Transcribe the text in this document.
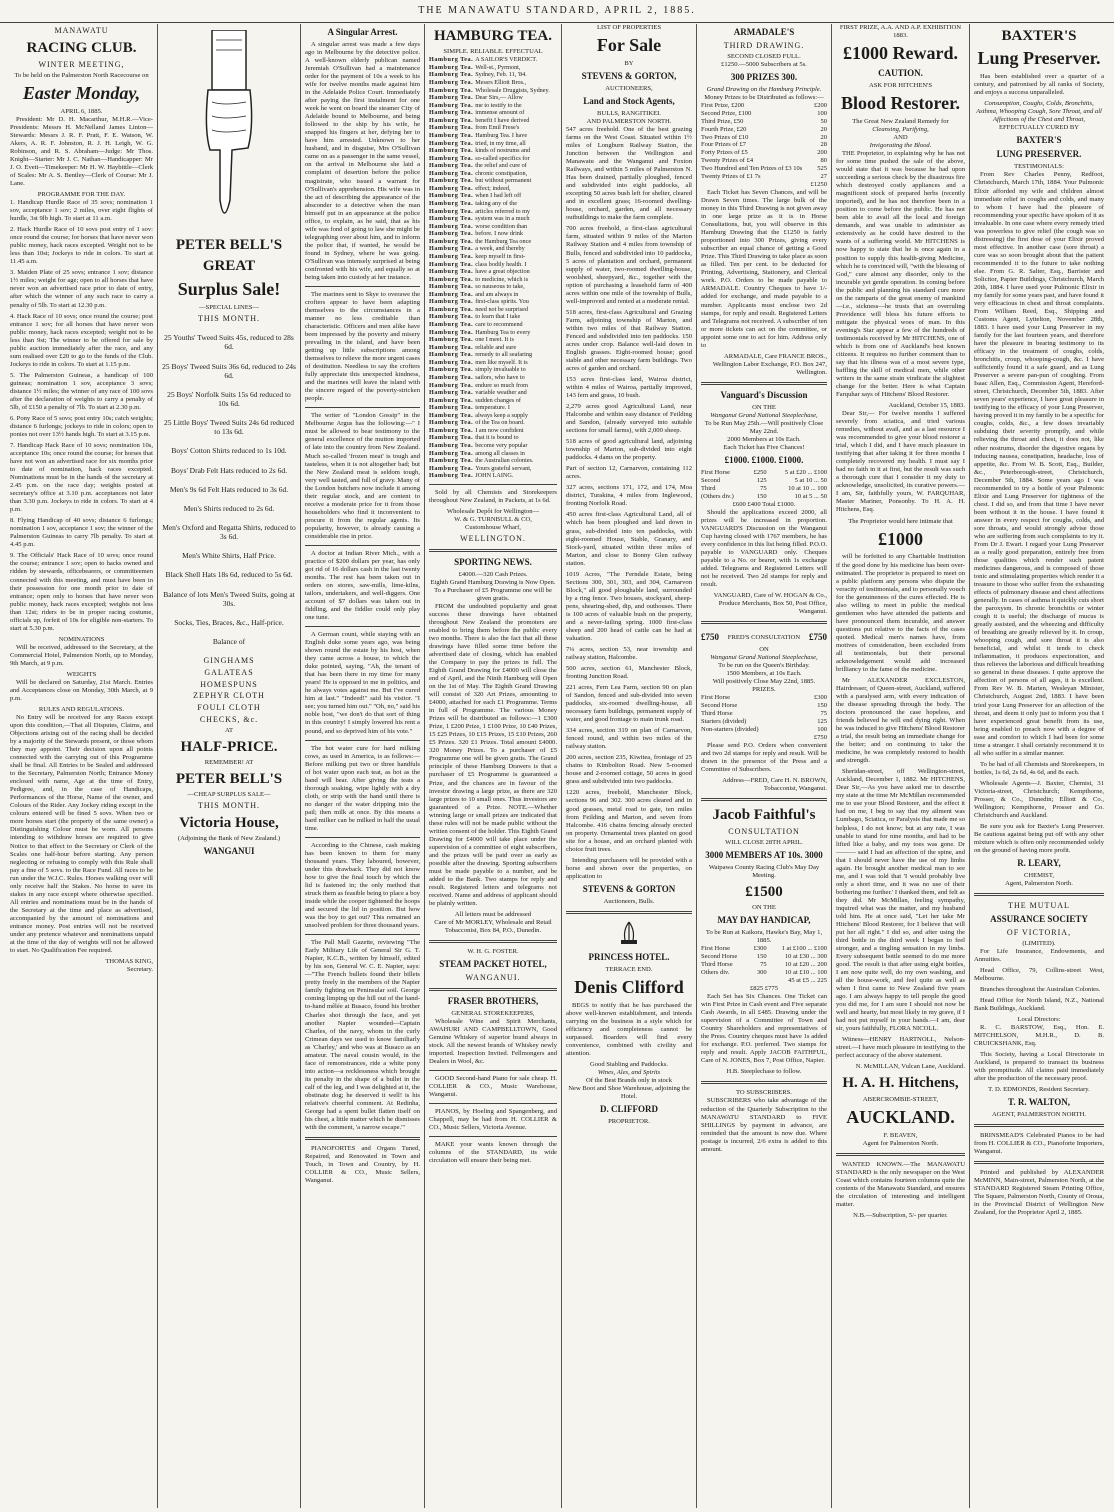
THE MANAWATU STANDARD, APRIL 2, 1885.
MANAWATU
RACING CLUB.
WINTER MEETING,
To be held on the Palmerston North Racecourse on
Easter Monday,
APRIL 6, 1885.

President: Mr D. H. Macarthur, M.H.R.—Vice-Presidents: Messrs H. McNelland James Linton—Stewards: Messrs J. R. F. Pratt, F. E. Watson, W. Akers, A. R. F. Johnston, R. J. H. Leigh, W. G. Robinson, and R. S. Abraham—Judge: Mr Thos. Knight—Starter: Mr J. C. Nathan—Handicapper: Mr J. O. Evett—Timekeeper: Mr H. W. Haybittle—Clerk of Scales: Mr A. S. Bentley—Clerk of Course: Mr J. Lane.

PROGRAMME FOR THE DAY.

1. Handicap Hurdle Race of 35 sovs; nomination 1 sov, acceptance 1 sov; 2 miles, over eight flights of hurdle, 3st 9lb high. To start at 11 a.m.

2. Hack Hurdle Race of 10 sovs post entry of 1 sov: once round the course; for horses that have never won public money, hack races excepted. Weight not to be less than 10st; Jockeys to ride in colors. To start at 11.45 a.m.

3. Maiden Plate of 25 sovs; entrance 1 sov; distance 1½ miles; weight for age; open to all horses that have never won an advertised race prior to date of entry, after which the winner of any such race to carry a penalty of 5lb. To start at 12.30 p.m.

4. Hack Race of 10 sovs; once round the course; post entrance 1 sov; for all horses that have never won public money, hack races excepted; weight not to be less than 9st; The winner to be offered for sale by public auction immediately after the race, and any sum realised over £20 to go to the funds of the Club. Jockeys to ride in colors. To start at 1.15 p.m.

5. The Palmerston Guineas, a handicap of 100 guineas; nomination 1 sov, acceptance 3 sovs; distance 1½ miles; the winner of any race of 100 sovs after the declaration of weights to carry a penalty of 5lb, of £150 a penalty of 7lb. To start at 2.30 p.m.

6. Pony Race of 5 sovs; post entry 10s; catch weights; distance 6 furlongs; jockeys to ride in colors; open to ponies not over 13½ hands high. To start at 3.15 p.m.

7. Handicap Hack Race of 10 sovs; nomination 10s, acceptance 10s; once round the course; for horses that have not won an advertised race for six months prior to date of nomination, hack races excepted. Nominations must be in the hands of the secretary at 2.45 p.m. on the race day; weights posted at secretary's office at 3.10 p.m. acceptances not later than 3.30 p.m. Jockeys to ride in colors. To start at 4 p.m.

8. Flying Handicap of 40 sovs; distance 6 furlongs; nomination 1 sov, acceptance 1 sov; the winner of the Palmerston Guineas to carry 7lb penalty. To start at 4.45 p.m.

9. The Officials' Hack Race of 10 sovs; once round the course; entrance 1 sov; open to hacks owned and ridden by stewards, officebearers, or committeemen connected with this meeting, and must have been in their possession for one month prior to date of entrance; open only to horses that have never won public money, hack races excepted; weights not less than 12st; riders to be in proper racing costume, officials up, forfeit of 10s for eligible non-starters. To start at 5.30 p.m.

NOMINATIONS

Will be received, addressed to the Secretary, at the Commercial Hotel, Palmerston North, up to Monday, 9th March, at 9 p.m.

WEIGHTS

Will be declared on Saturday, 21st March. Entries and Acceptances close on Monday, 30th March, at 9 p.m.

RULES AND REGULATIONS.

No Entry will be received for any Races except upon this condition,—That all Disputes, Claims, and Objections arising out of the racing shall be decided by a majority of the Stewards present, or those whom they may appoint. Their decision upon all points connected with the carrying out of this Programme shall be final. All Entries to be Sealed and addressed to the Secretary, Palmerston North; Entrance Money enclosed with name, Age at the time of Entry, Pedigree, and, in the case of Handicaps, Performances of the Horse, Name of the owner, and Colours of the Rider. Any Jockey riding except in the colours entered will be fined 5 sovs. When two or more horses start (the property of the same owner) a Distinguishing Colour must be worn. All persons intending to withdraw horses are required to give Notice to that effect to the Secretary or Clerk of the Scales one half-hour before starting. Any person neglecting or refusing to comply with this Rule shall pay a fine of 5 sovs. to the Race Fund. All races to be run under the W.J.C. Rules. Horses walking over will only receive half the Stakes. No horse to save its stakes in any race except where otherwise specified. All entries and nominations must be in the hands of the Secretary at the time and place as advertised, accompanied by the amount of nominations and entrance money. Post entries will not be received under any pretence whatever and nominations unpaid at the time of the day of weights will not be allowed to start. No Qualification Fee required.

THOMAS KING,
Secretary.
PETER BELL'S
GREAT
Surplus Sale!
—SPECIAL LINES—
THIS MONTH.
25 Youths' Tweed Suits 45s, reduced to 28s 6d.
25 Boys' Tweed Suits 36s 6d, reduced to 24s 6d.
25 Boys' Norfolk Suits 15s 6d reduced to 10s 6d.
25 Little Boys' Tweed Suits 24s 6d reduced to 13s 6d.
Boys' Cotton Shirts reduced to 1s 10d.
Boys' Drab Felt Hats reduced to 2s 6d.
Men's 9s 6d Felt Hats reduced to 3s 6d.
Men's Shirts reduced to 2s 6d.
Men's Oxford and Regatta Shirts, reduced to 3s 6d.
Men's White Shirts, Half Price.
Black Shell Hats 18s 6d, reduced to 5s 6d.
Balance of lots Men's Tweed Suits, going at 30s.
Socks, Ties, Braces, &c., Half-price.
Balance of
GINGHAMS
GALATEAS
HOMESPUNS
ZEPHYR CLOTH
FOULI CLOTH
CHECKS, &c.
AT
HALF-PRICE.
REMEMBER! AT
PETER BELL'S
—CHEAP SURPLUS SALE—
THIS MONTH.
Victoria House,
(Adjoining the Bank of New Zealand.)
WANGANUI
A Singular Arrest.

A singular arrest was made a few days ago in Melbourne by the detective police. A well-known elderly publican named Jeremiah O'Sullivan had a maintenance order for the payment of 10s a week to his wife for twelve months made against him in the Adelaide Police Court. Immediately after paying the first instalment for one week he went on board the steamer City of Adelaide bound to Melbourne, and being followed to the ship by his wife, he snapped his fingers at her, defying her to have him arrested. Unknown to her husband, and in disguise, Mrs O'Sullivan came on as a passenger in the same vessel, on the arrival in Melbourne she laid a complaint of desertion before the police magistrate, who issued a warrant for O'Sullivan's apprehension. His wife was in the act of describing the appearance of the absconder to a detective when the man himself put in an appearance at the police office, to explain, as he said, that as his wife was fond of going to law she might be telegraphing over about him, and to inform the police that, if wanted, he would be found in Sydney, where he was going. O'Sullivan was intensely surprised at being confronted with his wife, and equally so at being taken into custody at her instance.

The marines sent to Skye to overawe the crofters appear to have been adapting themselves to the circumstances in a manner no less creditable than characteristic. Officers and men alike have been impressed by the poverty and misery prevailing in the island, and have been getting up little subscriptions among themselves to relieve the more urgent cases of destitution. Needless to say the crofters fully appreciate this unexpected kindness, and the marines will leave the island with the sincere regard of the poverty-stricken people.

The writer of "London Gossip" in the Melbourne Argus has the following:—" I must be allowed to bear testimony to the general excellence of the mutton imported of late into the country from New Zealand. Much so-called 'frozen meat' is tough and tasteless, when it is not altogether bad; but the New Zealand meat is seldom tough, very well tasted, and full of gravy. Many of the London butchers now include it among their regular stock, and are content to receive a moderate price for it from those householders who find it inconvenient to procure it from the regular agents. Its popularity, however, is already causing a considerable rise in price.

A doctor at Indian River Mich., with a practice of $200 dollars per year, has only got rid of 16 dollars cash in the last twenty months. The rest has been taken out in orders on stores, saw-mills, lime-kilns, tailors, undertakers, and well-diggers. One account of $7 dollars was taken out in fiddling, and the fiddler could only play one tune.

A German count, while staying with an English duke some years ago, was being shown round the estate by his host, when they came across a house, to which the duke pointed, saying, "Ah, the tenant of that has been there in my time for many years! He is opposed to me in politics, and he always votes against me. But I've cured him at last." "Indeed!" said his visitor. "I see; you turned him out." "Oh, no," said his noble host, "we don't do that sort of thing in this country! I simply lowered his rent a pound, and so deprived him of his vote."

The hot water cure for hard milking cows, as used in America, is as follows:—Before milking put two or three handfuls of hot water upon each teat, as hot as the hand will bear. After giving the teats a thorough soaking, wipe lightly with a dry cloth, or strip with the hand until there is no danger of the water dripping into the pail; then milk at once. By this means a hard milker can be milked in half the usual time.

According to the Chinese, cash making has been known to them for many thousand years. They laboured, however, under this drawback. They did not know how to give the final touch by which the lid is fastened in; the only method that struck them as feasible being to place a boy inside while the cooper tightened the hoops and secured the lid in position. But how was the boy to get out? This remained an unsolved problem for three thousand years.

The Pall Mall Gazette, reviewing "The Early Military Life of General Sir G. T. Napier, K.C.B., written by himself, edited by his son, General W. C. E. Napier, says:—"The French bullets found their billets pretty freely in the members of the Napier family fighting on Peninsular soil. George coming limping up the hill out of the hand-to-hand mêlée at Busaco, found his brother Charles shot through the face, and yet another Napier wounded—Captain Charles, of the navy, whom in the curly Crimean days we used to know familiarly as 'Charley,' and who was at Busaco as an amateur. The naval cousin would, in the face of remonstrances, ride a white pony into action—a recklessness which brought its penalty in the shape of a bullet in the calf of the leg, and I was delighted at it, the obstinate dog; he deserved it well! is his relative's cheerful comment. At Redinha, George had a spent bullet flatten itself on his chest, a little matter which he dismisses with the comment, 'a narrow escape.'"

PIANOFORTES and Organs Tuned, Repaired, and Renovated in Town and Touch, in Town and Country, by H. COLLIER & CO., Music Sellers, Wanganui.

HAMBURG TEA.
SIMPLE. RELIABLE. EFFECTUAL
Hamburg Tea. A SAILOR'S VERDICT.
Hamburg Tea. Well-st., Pyrmont,
Hamburg Tea. Sydney, Feb. 11, '84.
Hamburg Tea. Messrs Elliott Bros.,
Hamburg Tea. Wholesale Druggists, Sydney.
Hamburg Tea. Dear Sirs,— Allow
Hamburg Tea. me to testify to the
Hamburg Tea. immense amount of
Hamburg Tea. benefit I have derived
Hamburg Tea. from Emil Frese's
Hamburg Tea. Hamburg Tea. I have
Hamburg Tea. tried, in my time, all
Hamburg Tea. kinds of nostrums and
Hamburg Tea. so-called specifics for
Hamburg Tea. the relief and cure of
Hamburg Tea. chronic constipation,
Hamburg Tea. but without permanent
Hamburg Tea. effect; indeed,
Hamburg Tea. when I had left off
Hamburg Tea. taking any of the
Hamburg Tea. articles referred to my
Hamburg Tea. system was in a much
Hamburg Tea. worse condition than
Hamburg Tea. before. I now drink
Hamburg Tea. the Hamburg Tea once
Hamburg Tea. a week, and thereby
Hamburg Tea. keep myself in first-
Hamburg Tea. class bodily health. I
Hamburg Tea. have a great objection
Hamburg Tea. to medicine, which is
Hamburg Tea. so nauseous to take,
Hamburg Tea. and am always in
Hamburg Tea. first-class spirits. You
Hamburg Tea. need not be surprised
Hamburg Tea. to learn that I take
Hamburg Tea. care to recommend
Hamburg Tea. Hamburg Tea to every
Hamburg Tea. one I meet. It is
Hamburg Tea. reliable and sure
Hamburg Tea. remedy to all seafaring
Hamburg Tea. men like myself. It is
Hamburg Tea. simply invaluable to
Hamburg Tea. sailors, who have to
Hamburg Tea. endure so much from
Hamburg Tea. variable weather and
Hamburg Tea. sudden changes of
Hamburg Tea. temperature. I
Hamburg Tea. always keep a supply
Hamburg Tea. of the Tea on board.
Hamburg Tea. I am now confident
Hamburg Tea. that it is bound to
Hamburg Tea. become very popular
Hamburg Tea. among all classes in
Hamburg Tea. the Australian colonies.
Hamburg Tea. Yours grateful servant,
Hamburg Tea. JOHN LAING.

Sold by all Chemists and Storekeepers throughout New Zealand, in Packets, at 1s 6d.

Wholesale Depôt for Wellington—
W. & G. TURNBULL & CO,
Customhouse Wharf,
WELLINGTON.
SPORTING NEWS.
£4000.—320 Cash Prizes.
Eighth Grand Hamburg Drawing is Now Open.
To a Purchaser of £5 Programme one will be given gratis.

FROM the undoubted popularity and great success these drawings have obtained throughout New Zealand the promoters are enabled to bring them before the public every two months. There is also the fact that all these drawings have filled some time before the advertised date of closing, which has enabled the Company to pay the prizes in full. The Eighth Grand Drawing for £4000 will close the end of April, and the Ninth Hamburg will Open on the 1st of May. The Eighth Grand Drawing will consist of 320 Art Prizes, amounting to £4000, attached for each £1 Programme. Terms in full of Programme. The various Money Prizes will be distributed as follows:—1 £300 Prize, 1 £200 Prize, 1 £100 Prize, 10 £40 Prizes, 15 £25 Prizes, 10 £15 Prizes, 15 £10 Prizes, 260 £5 Prizes. 320 £1 Prizes. Total amount £4000. 320 Money Prizes. To a purchaser of £5 Programme one will be given gratis. The Grand principle of these Hamburg Drawers is that a purchaser of £5 Programme is guaranteed a Prize, and the chances are in favour of the investor drawing a large prize, as there are 320 large prizes to 10 small ones. Thus investors are guaranteed of a Prize. NOTE.—Whether winning large or small prizes are indicated that these rules will not be made public without the written consent of the holder. This Eighth Grand Drawing for £4000 will take place under the supervision of a committee of eight subscribers, and the prizes will be paid over as early as possible after the drawing. Sporting subscribers must be made payable to a number, and be added to the Bank. Two stamps for reply and result. Registered letters and telegrams not received. Name and address of applicant should be plainly written.

All letters must be addressed
Care of Mr MORLEY, Wholesale and Retail Tobacconist, Box 84, P.O., Dunedin.
W. H. G. FOSTER.
STEAM PACKET HOTEL,
WANGANUI.
FRASER BROTHERS,
GENERAL STOREKEEPERS,

Wholesale Wine and Spirit Merchants, AWAHURI AND CAMPBELLTOWN, Good Genuine Whiskey of superior brand always in stock. All the newest brands of Whiskey newly imported. Inspection Invited. Fellmongers and Dealers in Wool, &c.

GOOD Second-hand Piano for sale cheap. H. COLLIER & CO., Music Warehouse, Wanganui.

PIANOS, by Hoeling and Spangenberg, and Chappell, may be had from H. COLLIER & CO., Music Sellers, Victoria Avenue.

MAKE your wants known through the columns of the STANDARD, its wide circulation will ensure their being met.

LIST OF PROPERTIES
For Sale
BY
STEVENS & GORTON,
AUCTIONEERS,
Land and Stock Agents,
BULLS, RANGITIKEI.
AND PALMERSTON NORTH.

547 acres freehold. One of the best grazing farms on the West Coast. Situated within 1½ miles of Longburn Railway Station, the Junction between the Wellington and Manawatu and the Wanganui and Foxton Railways, and within 5 miles of Palmerston N. Has been drained, partially ploughed, fenced and subdivided into eight paddocks, all excepting 50 acres bush left for shelter, cleared and in excellent grass; 16-roomed dwelling-house, orchard, garden, and all necessary outbuildings to make the farm complete.

700 acres freehold, a first-class agricultural farm, situated within 9 miles of the Marton Railway Station and 4 miles from township of Bulls, fenced and subdivided into 10 paddocks, 5 acres of plantation and orchard, permanent supply of water, two-roomed dwelling-house, woolshed, sheepyard, &c., together with the option of purchasing a leasehold farm of 400 acres within one mile of the township of Bulls, well-improved and rented at a moderate rental.

518 acres, first-class Agricultural and Grazing Farm, adjoining township of Marton, and within two miles of that Railway Station. Fenced and subdivided into ten paddocks. 150 acres under crop. Balance well-laid down in English grasses. Eight-roomed house; good stable and other necessary farm buildings. Two acres of garden and orchard.

153 acres first-class land, Wairoa district, within 4 miles of Wairoa, partially improved, 143 fern and grass, 10 bush.

2,279 acres good Agricultural Land, near Halcombe and within easy distance of Feilding and Sandon, (already surveyed into suitable sections for small farms), with 2,000 sheep.

518 acres of good agricultural land, adjoining township of Marton, sub-divided into eight paddocks. 4 dams on the property.

Part of section 12, Carnarvon, containing 112 acres.

327 acres, sections 171, 172, and 174, Moa district, Turakina, 4 miles from Inglewood, fronting Norfolk Road.

450 acres first-class Agricultural Land, all of which has been ploughed and laid down in grass, sub-divided into ten paddocks, with eight-roomed House, Stable, Granary, and Stock-yard, situated within three miles of Marton, and close to Bonny Glen railway station.

1019 Acres, "The Ferndale Estate, being Sections 300, 301, 303, and 304, Carnarvon Block," all good ploughable land, surrounded by a ring fence. Two houses, stockyard, sheep-pens, shearing-shed, dip, and outhouses. There is 100 acres of valuable bush on the property, and a never-failing spring. 1000 first-class sheep and 200 head of cattle can be had at valuation.

7¼ acres, section 53, near township and railway station, Halcombe.

500 acres, section 61, Manchester Block, fronting Junction Road.

221 acres, Fern Lea Farm, section 90 on plan of Sandon, fenced and sub-divided into seven paddocks, six-roomed dwelling-house, all necessary farm buildings, permanent supply of water, and good frontage to main trunk road.

334 acres, section 319 on plan of Carnarvon, fenced round, and within two miles of the railway station.

200 acres, section 235, Kiwitea, frontage of 25 chains to Kimbolton Road. New 5-roomed house and 2-roomed cottage, 50 acres in good grass and subdivided into two paddocks.

1220 acres, freehold, Manchester Block, sections 96 and 302. 300 acres cleared and in good grasses, metal road to gate, ten miles from Feilding and Marton, and seven from Halcombe. 416 chains fencing already erected on property. Ornamental trees planted on good site for a house, and an orchard planted with choice fruit trees.

Intending purchasers will be provided with a horse and shown over the properties, on application to

STEVENS & GORTON
Auctioneers, Bulls.
PRINCESS HOTEL.
TERRACE END.
Denis Clifford

BEGS to notify that he has purchased the above well-known establishment, and intends carrying on the business in a style which for efficiency and completeness cannot be surpassed. Boarders will find every convenience, combined with civility and attention.

Good Stabling and Paddocks.
Wines, Ales, and Spirits
Of the Best Brands only in stock
New Boot and Shoe Warehouse, adjoining the Hotel.
D. CLIFFORD
PROPRIETOR.
ARMADALE'S
THIRD DRAWING.
SECOND CLOSED FULL.
£1250.—5000 Subscribers at 5s.
300 PRIZES 300.
Grand Drawing on the Hamburg Principle.
Money Prizes to be Distributed as follows:—
First Prize, £200	£200
Second Prize, £100	100
Third Prize, £50	50
Fourth Prize, £20	20
Two Prizes of £10	20
Four Prizes of £7	28
Forty Prizes of £5	200
Twenty Prizes of £4	80
Two Hundred and Ten Prizes of £3 10s	525
Twenty Prizes of £1 7s	27
£1250

Each Ticket has Seven Chances, and will be Drawn Seven times. The large bulk of the money in this Third Drawing is not given away in one large prize as it is in Horse Consultations, but, you will observe in this Hamburg Drawing that the £1250 is fairly proportioned into 300 Prizes, giving every subscriber an equal chance of getting a Good Prize. This Third Drawing to take place as soon as filled. Ten per cent. to be deducted for Printing, Advertising, Stationery, and Clerical work. P.O. Orders to be made payable to ARMADALE. Country Cheques to have 1/- added for exchange, and made payable to a number. Applicants must enclose two 2d stamps, for reply and result. Registered Letters and Telegrams not received. A subscriber of ten or more tickets can act on the committee, or appoint some one to act for him. Address only to

ARMADALE, Care FRANCE BROS., Wellington Labor Exchange, P.O. Box 247, Wellington.
Vanguard's Discussion
ON THE
Wanganui Grand National Steeplechase,
To be Run May 25th.—Will positively Close May 22nd.
2000 Members at 10s Each.
Each Ticket has Five Chances!
£1000. £1000. £1000.
First Horse	£250	5 at £20 ... £100
Second	125	5 at 10 ... 50
Third	75	10 at 10 ... 100
(Others div.)	150	10 at 5 ... 50
£600 £400 Total £1000.

Should the applications exceed 2000, all prizes will be increased in proportion. VANGUARD'S Discussion on the Wanganui Cup having closed with 1767 members, he has every confidence in this list being filled. P.O.O. payable to VANGUARD only. Cheques payable to a No. or bearer, with 1s exchange added. Telegrams and Registered Letters will not be received. Two 2d stamps for reply and result.

VANGUARD, Care of W. HOGAN & Co., Produce Merchants, Box 50, Post Office, Wanganui.
£750 FRED'S CONSULTATION £750
ON
Wanganui Grand National Steeplechase,
To be run on the Queen's Birthday.
1500 Members, at 10s Each.
Will positively Close May 22nd, 1885.
PRIZES.
First Horse	£300
Second Horse	150
Third Horse	75
Starters (divided)	125
Non-starters (divided)	100
£750

Please send P.O. Orders when convenient and two 2d stamps for reply and result. Will be drawn in the presence of the Press and a Committee of Subscribers.

Address—FRED, Care H. N. BROWN, Tobacconist, Wanganui.
Jacob Faithful's
CONSULTATION
WILL CLOSE 28TH APRIL.
3000 MEMBERS AT 10s. 3000
Waipawa County Racing Club's May Day Meeting.
£1500
ON THE
MAY DAY HANDICAP,
To be Run at Kaikora, Hawke's Bay, May 1, 1885.
First Horse	£300	1 at £100 ... £100
Second Horse	150	10 at £30 ... 300
Third Horse	75	10 at £20 ... 200
Others div.	300	10 at £10 ... 100
		45 at £5 ... 225
£825 £775

Each Set has Six Chances. One Ticket can win First Prize in Cash event and Five separate Cash Awards, in all £485. Drawing under the supervision of a Committee of Town and Country Shareholders and representatives of the Press. Country cheques must have 1s added for exchange. P.O. preferred. Two stamps for reply and result. Apply JACOB FAITHFUL, Care of N. JONES, Box 7, Post Office, Napier.

H.B. Steeplechase to follow.
TO SUBSCRIBERS.

SUBSCRIBERS who take advantage of the reduction of the Quarterly Subscription to the MANAWATU STANDARD to FIVE SHILLINGS by payment in advance, are reminded that the amount is now due. Where postage is incurred, 2/6 extra is added to this amount.

FIRST PRIZE, A.A. AND A.P. EXHIBITION 1883.
£1000 Reward.
CAUTION.
ASK FOR HITCHEN'S
Blood Restorer.
The Great New Zealand Remedy for
Cleansing, Purifying,
AND
Invigorating the Blood.

THE Proprietor, in explaining why he has not for some time pushed the sale of the above, would state that it was because he had upon succeeding a serious check by the disastrous fire which destroyed costly appliances and a magnificent stock of prepared herbs (recently imported), and he has not therefore been in a position to come before the public. He has not been able to avail all the local and foreign demands, and was unable to administer as extensively as he could have desired to the wants of a suffering world. Mr HITCHENS is now happy to state that he is once again in a position to supply this health-giving Medicine, which he is convinced will, "with the blessing of God," cure almost any disorder, only to the incurable yet gentle operation. In coming before the public and planning his standard cure more on the ramparts of the great enemy of mankind—i.e., sickness—he trusts that an overruling Providence will bless his future efforts to mitigate the physical woes of man. In this evening's Star appear a few of the hundreds of testimonials received by Mr HITCHENS, one of which is from one of Auckland's best known citizens. It requires no further comment than to say that his illness was of a most severe type, baffling the skill of medical men, while other writers in the same strain vindicate the slightest change for the better. Here is what Captain Farquhar says of Hitchens' Blood Restorer.

Auckland, October 15, 1883.

Dear Sir,— For twelve months I suffered severely from sciatica, and tried various remedies, without avail, and as a last resource I was recommended to give your blood restorer a trial, which I did, and I have much pleasure in testifying that after taking it for three months I completely recovered my health. I must say I had no faith in it at first, but the result was such a thorough cure that I consider it my duty to acknowledge, unsolicited, its curative powers.—I am, Sir, faithfully yours, W. FARQUHAR, Master Mariner, Ponsonby. To H. A. H. Hitchens, Esq.

The Proprietor would here intimate that
£1000

will be forfeited to any Charitable Institution if the good done by his medicine has been over-estimated. The proprietor is prepared to meet on a public platform any persons who dispute the veracity of testimonials, and to personally vouch for the genuineness of the cures effected. He is also willing to meet in public the medical gentlemen who have attended the patients and have pronounced them incurable, and answer questions put relative to the facts of the cases quoted. Medical men's names have, from motives of consideration, been excluded from all testimonials, but their personal acknowledgement would add increased brilliancy to the fame of the medicine.

Mr ALEXANDER EXCLESTON, Hairdresser, of Queen-street, Auckland, suffered with a paralysed arm, with every indication of the disease spreading through the body. The doctors pronounced the case hopeless, and friends believed he will end dying right. When he was induced to give Hitchens' Blood Restorer a trial, the result being an immediate change for the better; and on continuing to take the medicine, he was completely restored to health and strength.

Sheridan-street, off Wellington-street, Auckland, December 1, 1882. Mr HITCHENS, Dear Sir,—As you have asked me to describe my state at the time Mr McMillan recommended me to use your Blood Restorer, and the effect it had on me, I beg to say that my ailment was Lumbago, Sciatica, or Paralysis that made me so helpless, I do not know; but at any rate, I was unable to stand for nine months, and had to be lifted like a baby, and my toes was gone. Dr ——— said I had an affection of the spine, and that I should never have the use of my limbs again. He brought another medical man to see me, and I was told that 'I would probably live only a short time, and it was no use of their bothering me further.' I thanked them, and felt as they did. Mr McMillan, feeling sympathy, inquired what was the matter, and my husband told him. He at once said, "Let her take Mr Hitchens' Blood Restorer, for I believe that will put her all right." I did so, and after using the third bottle in the third week I began to feel stronger, and a tingling sensation in my limbs. Every subsequent bottle seemed to do me more good. The result is that after using eight bottles, I am now quite well, do my own washing, and all the house-work, and feel quite as well as when I first came to New Zealand five years ago. I am always happy to tell people the good you did me, for I am sure I should not now be well and hearty, but most likely in my grave, if I had not put myself in your hands.—I am, dear sir, yours faithfully, FLORA NICOLL.

Witness—HENRY HARTNOLL, Nelson-street.—I have much pleasure in testifying to the perfect accuracy of the above statement.

N. McMILLAN, Vulcan Lane, Auckland.
H. A. H. Hitchens,
ABERCROMBIE-STREET,
AUCKLAND.
F. BEAVEN,
Agent for Palmerston North.

WANTED KNOWN.—The MANAWATU STANDARD is the only newspaper on the West Coast which contains fourteen columns quite the contents of the Manawatu Standard, and ensures the circulation of interesting and intelligent matter.

N.B.—Subscription, 5/- per quarter.
BAXTER'S
Lung Preserver.

Has been established over a quarter of a century, and patronised by all ranks of Society, and enjoys a success unparalleled.

Consumption, Coughs, Colds, Bronchitis, Asthma, Whooping Cough, Sore Throat, and all Affections of the Chest and Throat,
EFFECTUALLY CURED BY
BAXTER'S
LUNG PRESERVER.
TESTIMONIALS:

From Rev Charles Penny, Redfoot, Christchurch, March 17th, 1884. Your Pulmonic Elixir afforded my wife and children almost immediate relief in coughs and colds, and many to whom I have had the pleasure of recommending your specific have spoken of it as invaluable. In one case where every remedy tried was powerless to give relief (the cough was so distressing) the first dose of your Elixir proved most effective. In another case (sore throat) a cure was so soon brought about that the patient recommended it to the future to take nothing else. From G. R. Salter, Esq., Barrister and Solicitor, Papier Buildings, Christchurch, March 20th, 1884. I have used your Pulmonic Elixir in my family for some years past, and have found it very efficacious in chest and throat complaints. From William Reed, Esq., Shipping and Customs Agent, Lyttelton, November 28th, 1883. I have used your Lung Preserver in my family for the last fourteen years, and therefore have the pleasure in bearing testimony to its efficacy in the treatment of coughs, colds, bronchitis, croup, whooping-cough, &c. I have sufficiently found it a safe guard, and as Lung Preserver a severe pan-pun of coughing. From Isaac Allen, Esq., Commission Agent, Hereford-street, Christchurch, December 5th, 1883. After seven years' experience, I have great pleasure in testifying to the efficacy of your Lung Preserver, having proved it in my family to be a specific for coughs, colds, &c., a few doses invariably subduing their severity promptly, and while relieving the throat and chest, it does not, like other nostrums, disorder the digestive organs by inducing nausea, constipation, headache, loss of appetite, &c. From W. B. Scott, Esq., Builder, &c., Peterborough-street, Christchurch, December 5th, 1884. Some years ago I was recommended to try a bottle of your Pulmonic Elixir and Lung Preserver for tightness of the chest. I did so, and from that time I have never been without it in the house. I have found it answer in every respect for coughs, colds, and sore throats, and would strongly advise those who are suffering from such complaints to try it. From Dr J. Ewart. I regard your Lung Preserver as a really good preparation, entirely free from those qualities which render such patent medicines dangerous, and is composed of those tonic and stimulating properties which render it a treasure to those who suffer from the exhausting effects of pulmonary disease and chest affections generally. In cases of asthma it quickly cuts short the paroxysm. In chronic bronchitis or winter cough it is useful; the discharge of mucus is greatly assisted, and the wheezing and difficulty of breathing are greatly relieved by it. In croup, whooping cough, and sore throat it is also beneficial, and whilst it tends to check inflammation, it produces expectoration, and thus relieves the laborious and difficult breathing so general in these diseases. I quite approve the affection of persons of all ages, it is excellent. From Rev W. B. Marten, Wesleyan Minister, Christchurch, August 2nd, 1883. I have been tried your Lung Preserver for an affection of the throat, and deem it only just to inform you that I have experienced great benefit from its use, being enabled to preach now with a degree of ease and comfort to which I had been for some time a stranger. I shall certainly recommend it to all who suffer in a similar manner.

To be had of all Chemists and Storekeepers, in bottles, 1s 6d, 2s 6d, 4s 6d, and 8s each.

Wholesale Agents—J. Baxter, Chemist, 31 Victoria-street, Christchurch; Kempthorne, Prosser, & Co., Dunedin; Elliott & Co., Wellington; Kempthorne, Prosser and Co. Christchurch and Auckland.

Be sure you ask for Baxter's Lung Preserver. Be cautious against being put off with any other mixture which is often only recommended solely on the ground of having more profit.

R. LEARY,
CHEMIST,
Agent, Palmerston North.
THE MUTUAL
ASSURANCE SOCIETY
OF VICTORIA,
(LIMITED).

For Life Insurance, Endowments, and Annuities.

Head Office, 79, Collins-street West, Melbourne.

Branches throughout the Australian Colonies.

Head Office for North Island, N.Z., National Bank Buildings, Auckland.

Local Directors:

R. C. BARSTOW, Esq., Hon. E. MITCHELSON, M.H.R., D. B. CRUICKSHANK, Esq.

This Society, having a Local Directorate in Auckland, is prepared to transact its business with promptitude. All claims paid immediately after the production of the necessary proof.

T. D. EDMONDS, Resident Secretary.
T. R. WALTON,
AGENT, PALMERSTON NORTH.

BRINSMEAD'S Celebrated Pianos to be had from H. COLLIER & CO., Pianoforte Importers, Wanganui.

Printed and published by ALEXANDER McMINN, Main-street, Palmerston North, at the STANDARD Registered Steam Printing Office, The Square, Palmerston North, County of Oroua, in the Provincial District of Wellington New Zealand, for the Proprietor April 2, 1885.
